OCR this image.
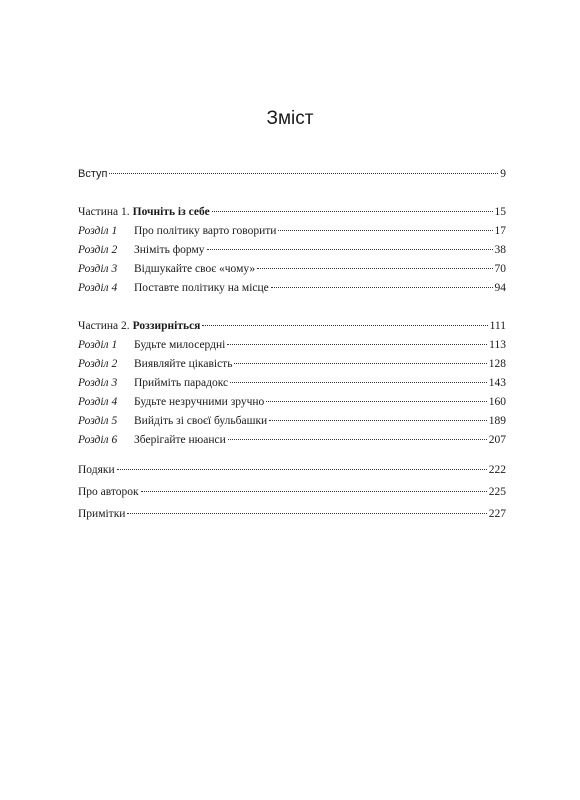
Зміст
Вступ	9
Частина 1. Почніть із себе	15
Розділ 1	Про політику варто говорити	17
Розділ 2	Зніміть форму	38
Розділ 3	Відшукайте своє «чому»	70
Розділ 4	Поставте політику на місце	94
Частина 2. Роззирніться	111
Розділ 1	Будьте милосердні	113
Розділ 2	Виявляйте цікавість	128
Розділ 3	Прийміть парадокс	143
Розділ 4	Будьте незручними зручно	160
Розділ 5	Вийдіть зі своєї бульбашки	189
Розділ 6	Зберігайте нюанси	207
Подяки	222
Про авторок	225
Примітки	227
